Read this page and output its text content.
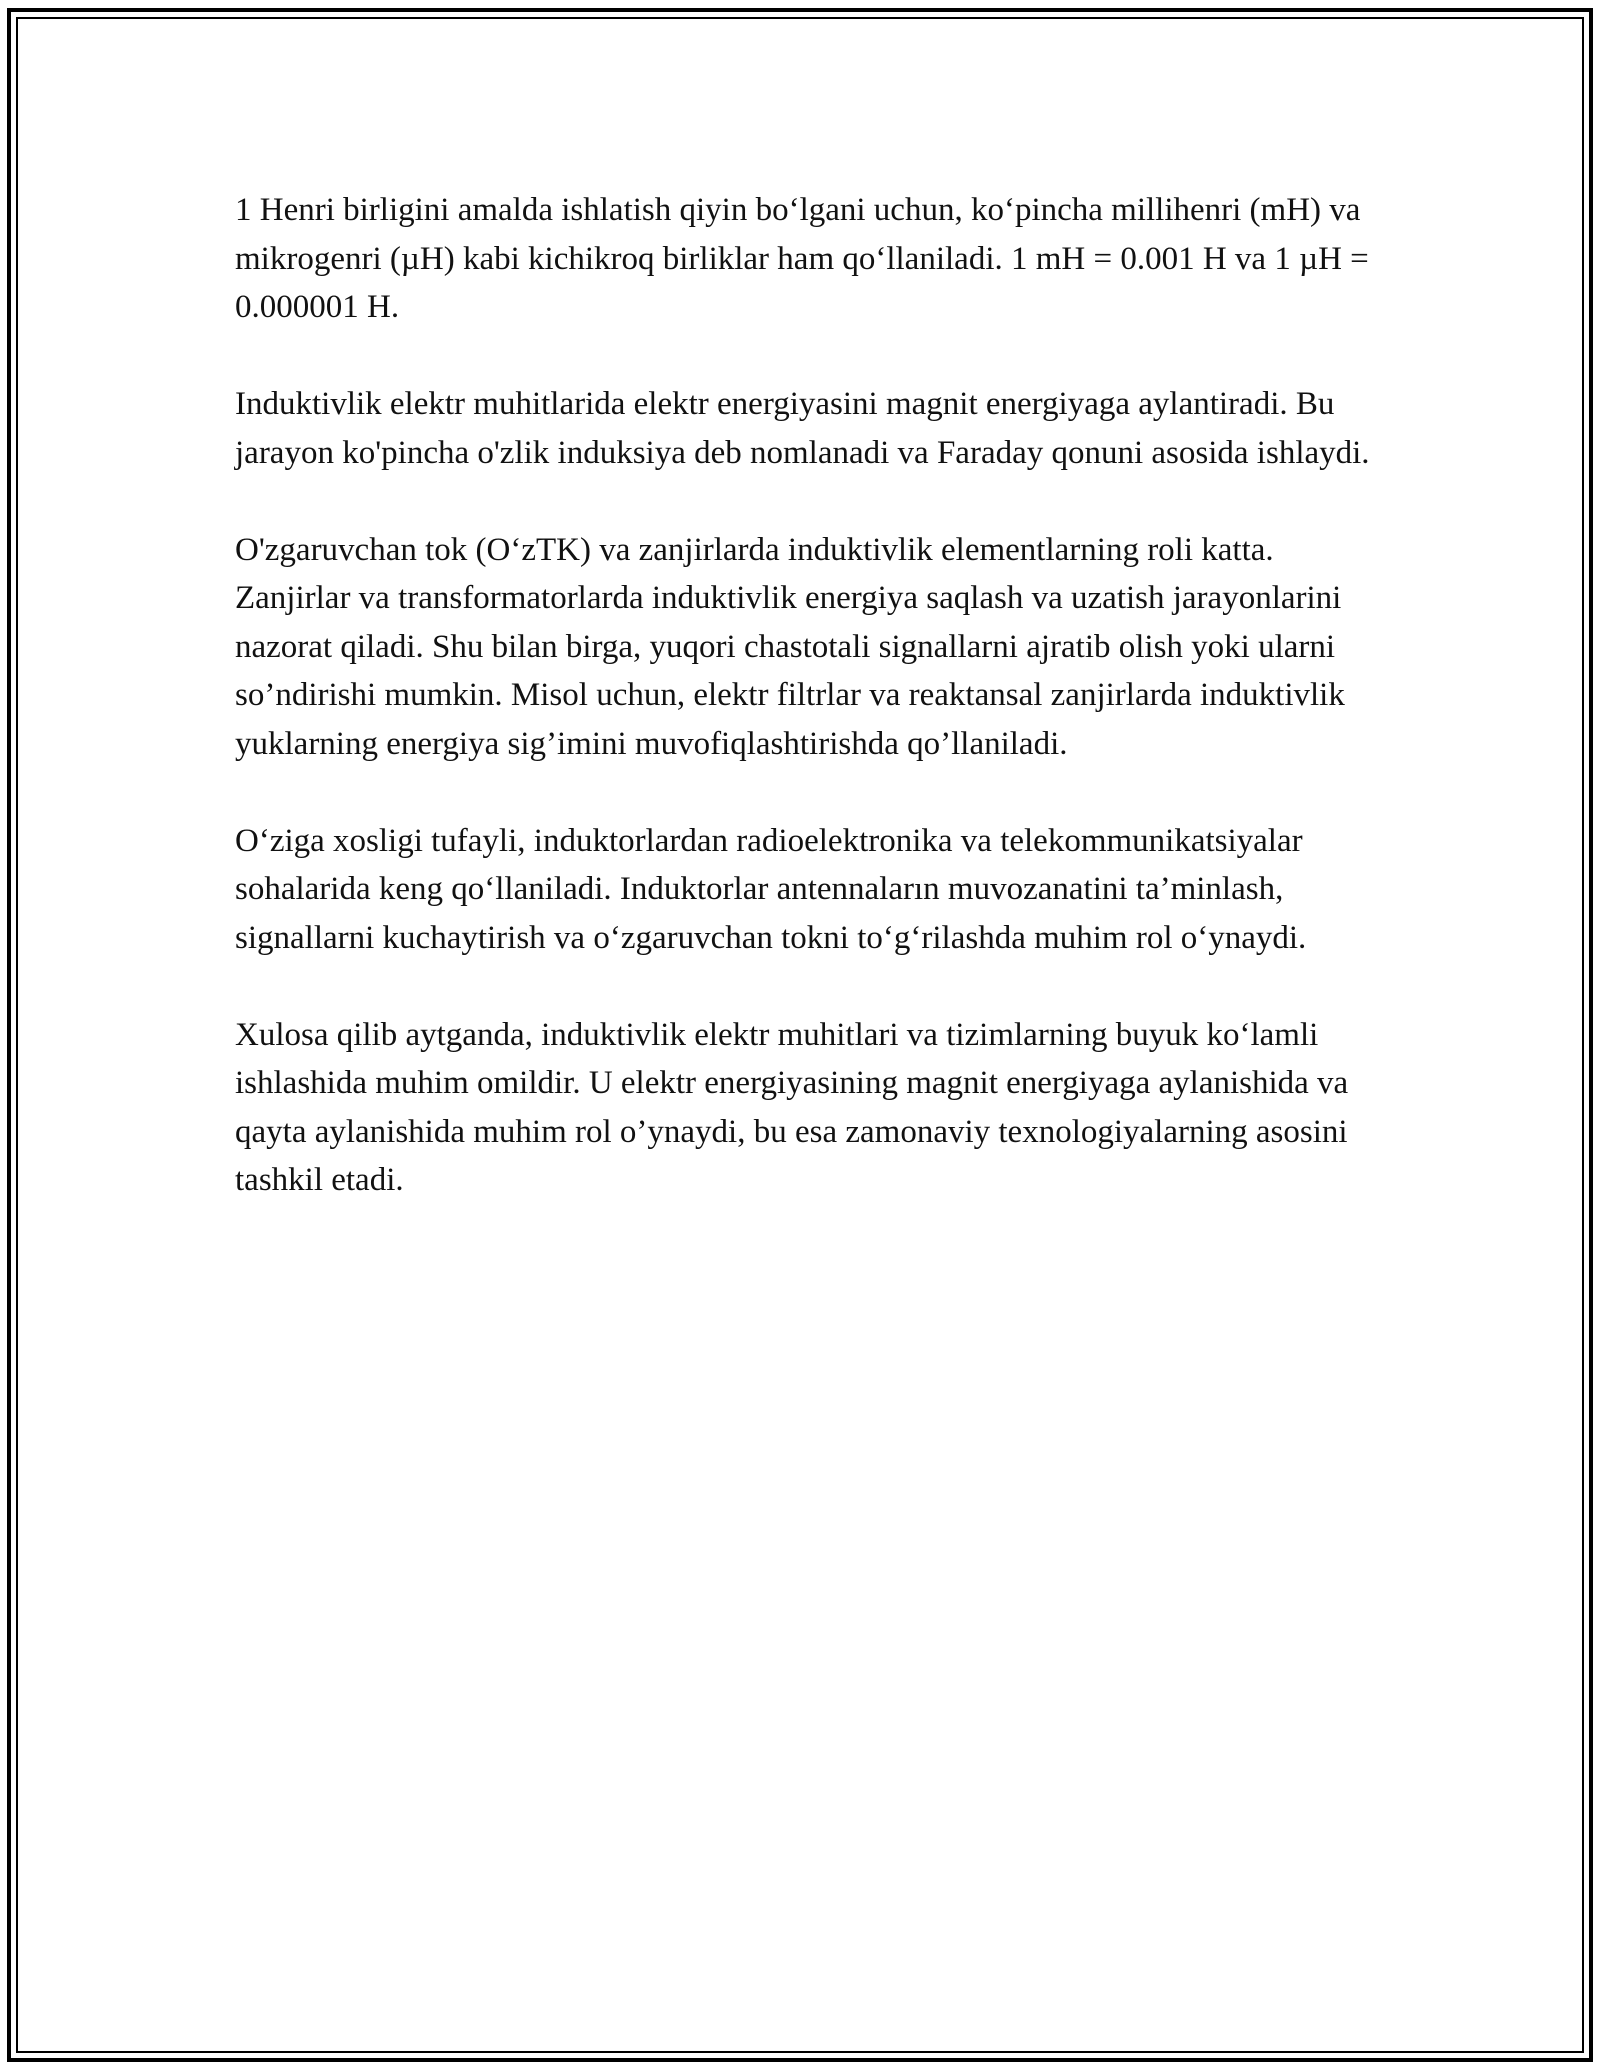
1 Henri birligini amalda ishlatish qiyin bo‘lgani uchun, ko‘pincha millihenri (mH) va mikrogenri (µH) kabi kichikroq birliklar ham qo‘llaniladi. 1 mH = 0.001 H va 1 µH = 0.000001 H.

Induktivlik elektr muhitlarida elektr energiyasini magnit energiyaga aylantiradi. Bu jarayon ko'pincha o'zlik induksiya deb nomlanadi va Faraday qonuni asosida ishlaydi.

O'zgaruvchan tok (O‘zTK) va zanjirlarda induktivlik elementlarning roli katta. Zanjirlar va transformatorlarda induktivlik energiya saqlash va uzatish jarayonlarini nazorat qiladi. Shu bilan birga, yuqori chastotali signallarni ajratib olish yoki ularni so’ndirishi mumkin. Misol uchun, elektr filtrlar va reaktansal zanjirlarda induktivlik yuklarning energiya sig’imini muvofiqlashtirishda qo’llaniladi.

O‘ziga xosligi tufayli, induktorlardan radioelektronika va telekommunikatsiyalar sohalarida keng qo‘llaniladi. Induktorlar antennaların muvozanatini ta’minlash, signallarni kuchaytirish va o‘zgaruvchan tokni to‘g‘rilashda muhim rol o‘ynaydi.

Xulosa qilib aytganda, induktivlik elektr muhitlari va tizimlarning buyuk ko‘lamli ishlashida muhim omildir. U elektr energiyasining magnit energiyaga aylanishida va qayta aylanishida muhim rol o’ynaydi, bu esa zamonaviy texnologiyalarning asosini tashkil etadi.
